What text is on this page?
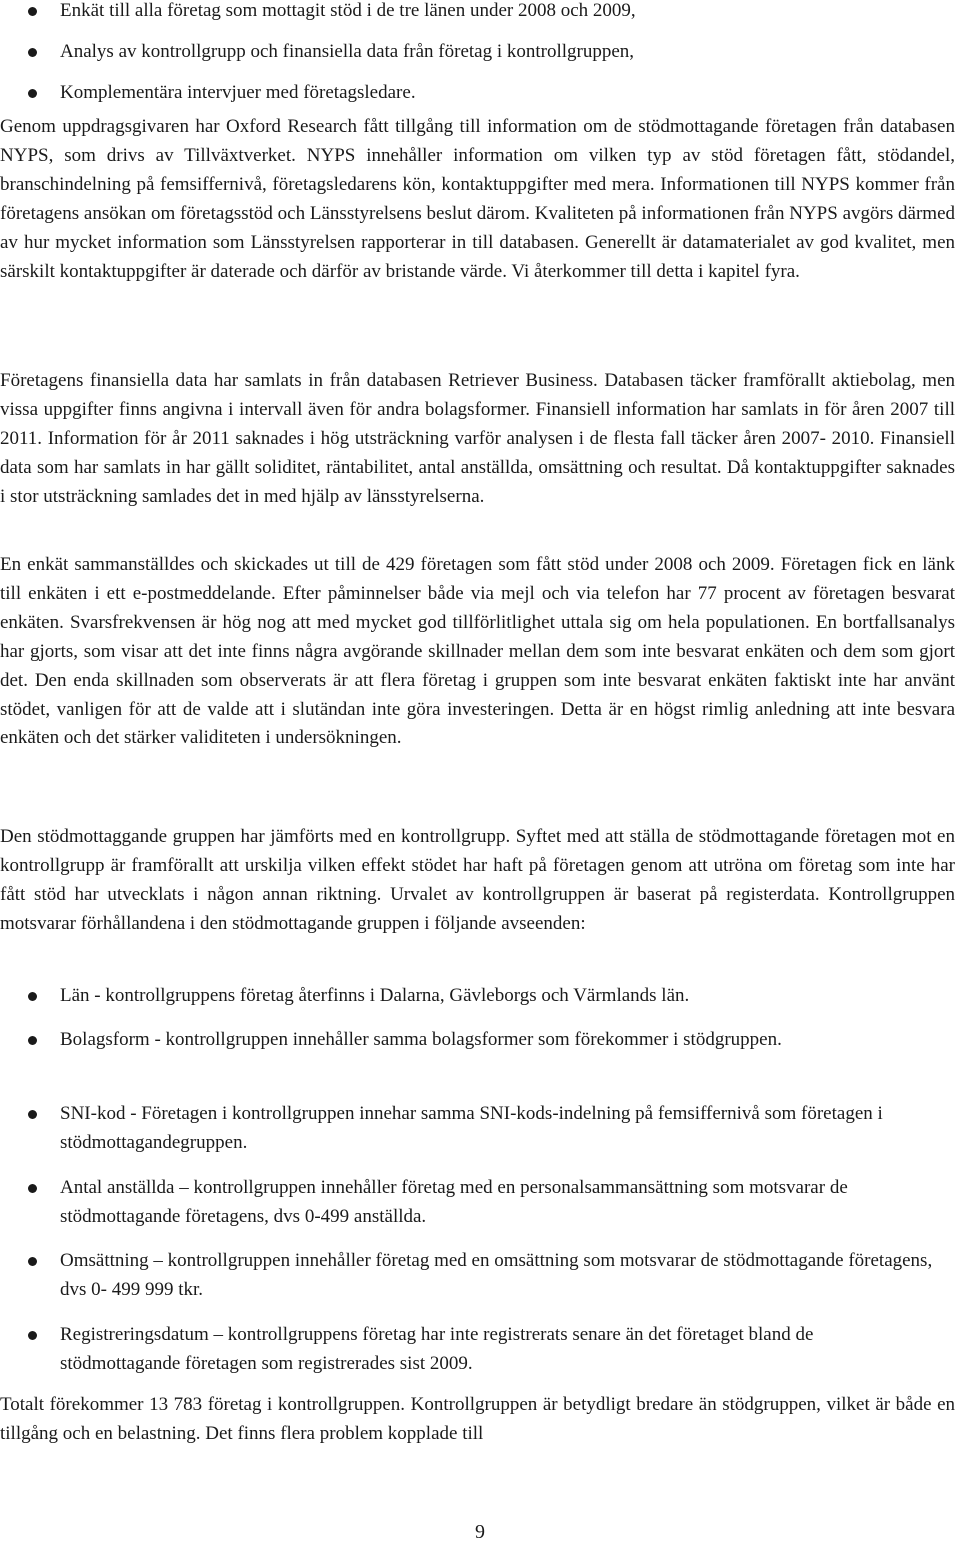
Enkät till alla företag som mottagit stöd i de tre länen under 2008 och 2009,
Analys av kontrollgrupp och finansiella data från företag i kontrollgruppen,
Komplementära intervjuer med företagsledare.
Genom uppdragsgivaren har Oxford Research fått tillgång till information om de stödmottagande företagen från databasen NYPS, som drivs av Tillväxtverket. NYPS innehåller information om vilken typ av stöd företagen fått, stödandel, branschindelning på femsiffernivå, företagsledarens kön, kontaktuppgifter med mera. Informationen till NYPS kommer från företagens ansökan om företagsstöd och Länsstyrelsens beslut därom. Kvaliteten på informationen från NYPS avgörs därmed av hur mycket information som Länsstyrelsen rapporterar in till databasen. Generellt är datamaterialet av god kvalitet, men särskilt kontaktuppgifter är daterade och därför av bristande värde. Vi återkommer till detta i kapitel fyra.
Företagens finansiella data har samlats in från databasen Retriever Business. Databasen täcker framförallt aktiebolag, men vissa uppgifter finns angivna i intervall även för andra bolagsformer. Finansiell information har samlats in för åren 2007 till 2011. Information för år 2011 saknades i hög utsträckning varför analysen i de flesta fall täcker åren 2007- 2010. Finansiell data som har samlats in har gällt soliditet, räntabilitet, antal anställda, omsättning och resultat. Då kontaktuppgifter saknades i stor utsträckning samlades det in med hjälp av länsstyrelserna.
En enkät sammanställdes och skickades ut till de 429 företagen som fått stöd under 2008 och 2009. Företagen fick en länk till enkäten i ett e-postmeddelande. Efter påminnelser både via mejl och via telefon har 77 procent av företagen besvarat enkäten. Svarsfrekvensen är hög nog att med mycket god tillförlitlighet uttala sig om hela populationen. En bortfallsanalys har gjorts, som visar att det inte finns några avgörande skillnader mellan dem som inte besvarat enkäten och dem som gjort det. Den enda skillnaden som observerats är att flera företag i gruppen som inte besvarat enkäten faktiskt inte har använt stödet, vanligen för att de valde att i slutändan inte göra investeringen. Detta är en högst rimlig anledning att inte besvara enkäten och det stärker validiteten i undersökningen.
Den stödmottaggande gruppen har jämförts med en kontrollgrupp. Syftet med att ställa de stödmottagande företagen mot en kontrollgrupp är framförallt att urskilja vilken effekt stödet har haft på företagen genom att utröna om företag som inte har fått stöd har utvecklats i någon annan riktning. Urvalet av kontrollgruppen är baserat på registerdata. Kontrollgruppen motsvarar förhållandena i den stödmottagande gruppen i följande avseenden:
Län - kontrollgruppens företag återfinns i Dalarna, Gävleborgs och Värmlands län.
Bolagsform - kontrollgruppen innehåller samma bolagsformer som förekommer i stödgruppen.
SNI-kod - Företagen i kontrollgruppen innehar samma SNI-kods-indelning på femsiffernivå som företagen i stödmottagandegruppen.
Antal anställda – kontrollgruppen innehåller företag med en personalsammansättning som motsvarar de stödmottagande företagens, dvs 0-499 anställda.
Omsättning – kontrollgruppen innehåller företag med en omsättning som motsvarar de stödmottagande företagens, dvs 0- 499 999 tkr.
Registreringsdatum – kontrollgruppens företag har inte registrerats senare än det företaget bland de stödmottagande företagen som registrerades sist 2009.
Totalt förekommer 13 783 företag i kontrollgruppen. Kontrollgruppen är betydligt bredare än stödgruppen, vilket är både en tillgång och en belastning. Det finns flera problem kopplade till
9
